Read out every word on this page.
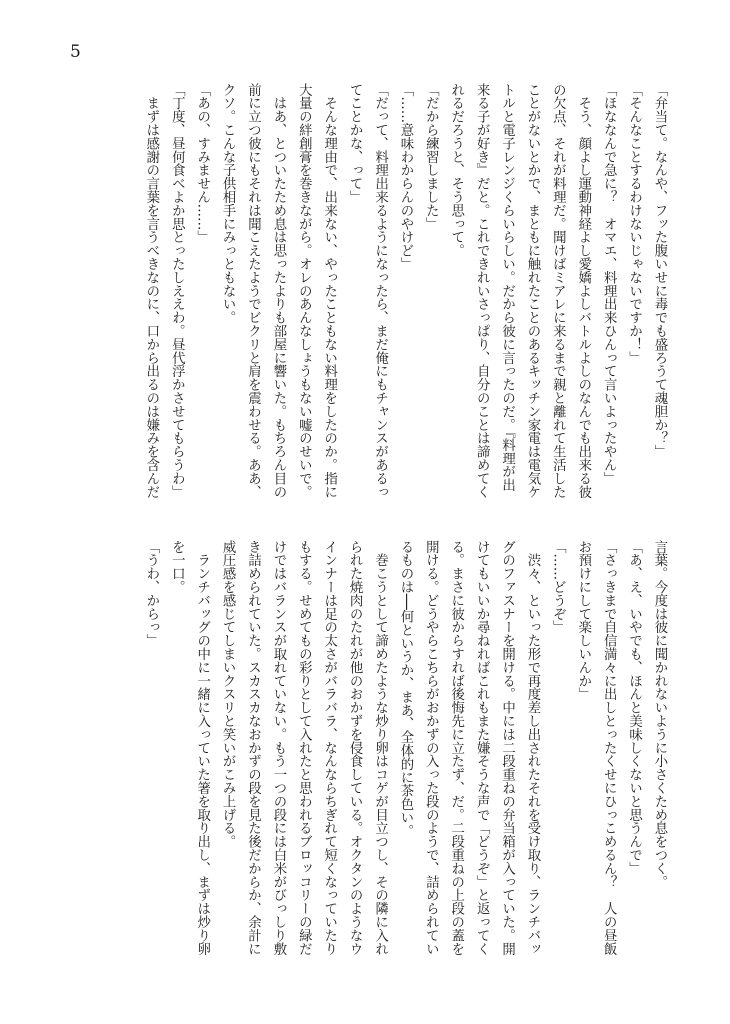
5
「弁当て。なんや、フッた腹いせに毒でも盛ろうて魂胆か？」
「そんなことするわけないじゃないですか！」
「ほななんで急に？　オマエ、料理出来ひんって言いよったやん」
　そう、顔よし運動神経よし愛嬌よしバトルよしのなんでも出来る彼
の欠点、それが料理だ。聞けばミアレに来るまで親と離れて生活した
ことがないとかで、まともに触れたことのあるキッチン家電は電気ケ
トルと電子レンジくらいらしい。だから彼に言ったのだ。『料理が出
来る子が好き』だと。これできれいさっぱり、自分のことは諦めてく
れるだろうと、そう思って。
「だから練習しました」
「……意味わからんのやけど」
「だって、料理出来るようになったら、まだ俺にもチャンスがあるっ
てことかな、って」
　そんな理由で、出来ない、やったこともない料理をしたのか。指に
大量の絆創膏を巻きながら。オレのあんなしょうもない嘘のせいで。
　はあ、とついたため息は思ったよりも部屋に響いた。もちろん目の
前に立つ彼にもそれは聞こえたようでビクリと肩を震わせる。ああ、
クソ。こんな子供相手にみっともない。
「あの、すみません……」
「丁度、昼何食べよか思とったしええわ。昼代浮かさせてもらうわ」
　まずは感謝の言葉を言うべきなのに、口から出るのは嫌みを含んだ
言葉。今度は彼に聞かれないように小さくため息をつく。
「あ、え、いやでも、ほんと美味しくないと思うんで」
「さっきまで自信満々に出しとったくせにひっこめるん？　人の昼飯
お預けにして楽しいんか」
「……どうぞ」
　渋々、といった形で再度差し出されたそれを受け取り、ランチバッ
グのファスナーを開ける。中には二段重ねの弁当箱が入っていた。開
けてもいいか尋ねればこれもまた嫌そうな声で「どうぞ」と返ってく
る。まさに彼からすれば後悔先に立たず、だ。二段重ねの上段の蓋を
開ける。どうやらこちらがおかずの入った段のようで、詰められてい
るものは──何というか、まあ、全体的に茶色い。
　巻こうとして諦めたような炒り卵はコゲが目立つし、その隣に入れ
られた焼肉のたれが他のおかずを侵食している。オクタンのようなウ
インナーは足の太さがバラバラ、なんならちぎれて短くなっていたり
もする。せめてもの彩りとして入れたと思われるブロッコリーの緑だ
けではバランスが取れていない。もう一つの段には白米がびっしり敷
き詰められていた。スカスカなおかずの段を見た後だからか、余計に
威圧感を感じてしまいクスリと笑いがこみ上げる。
　ランチバッグの中に一緒に入っていた箸を取り出し、まずは炒り卵
を一口。
「うわ、からっ」
